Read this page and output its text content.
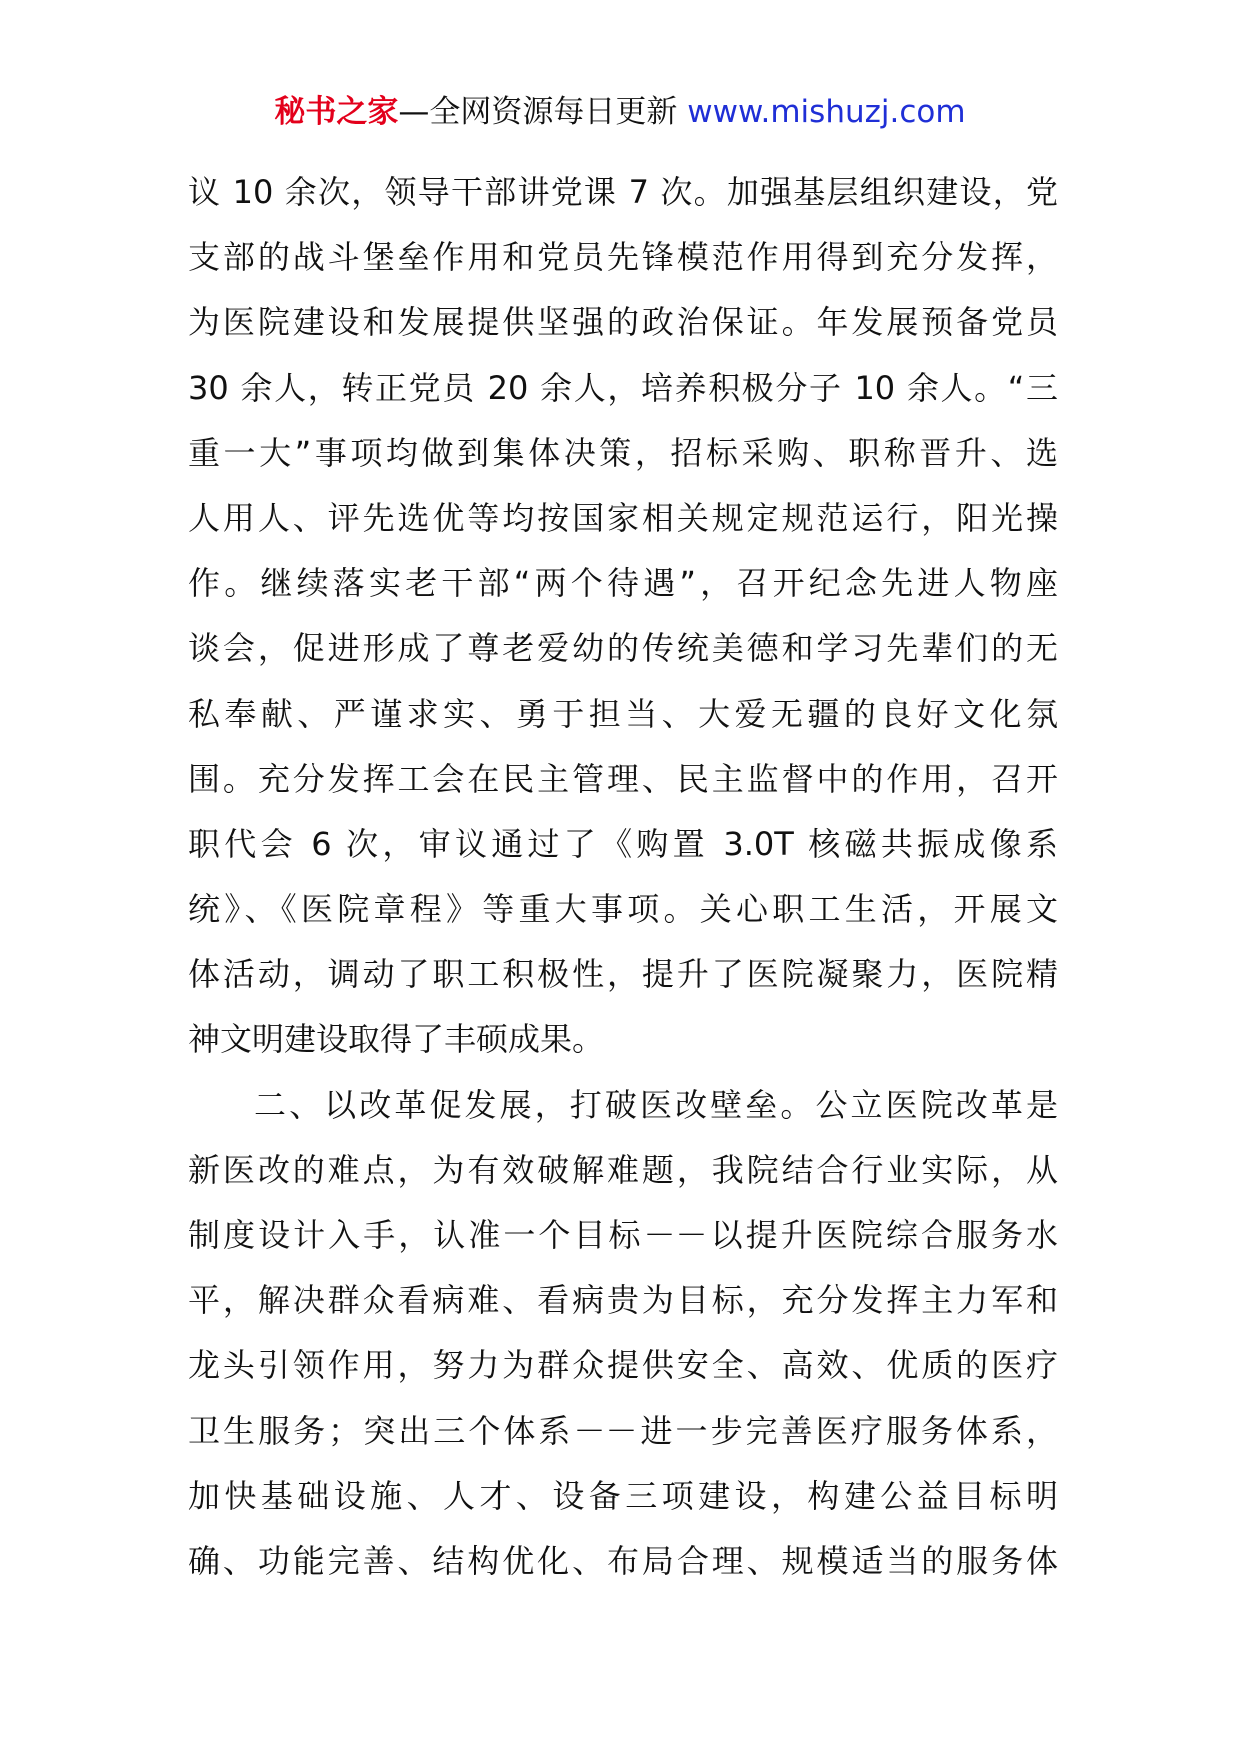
秘书之家—全网资源每日更新 www.mishuzj.com
议 10 余次，领导干部讲党课 7 次。加强基层组织建设，党
支部的战斗堡垒作用和党员先锋模范作用得到充分发挥，
为医院建设和发展提供坚强的政治保证。年发展预备党员
30 余人，转正党员 20 余人，培养积极分子 10 余人。“三
重一大”事项均做到集体决策，招标采购、职称晋升、选
人用人、评先选优等均按国家相关规定规范运行，阳光操
作。继续落实老干部“两个待遇”，召开纪念先进人物座
谈会，促进形成了尊老爱幼的传统美德和学习先辈们的无
私奉献、严谨求实、勇于担当、大爱无疆的良好文化氛
围。充分发挥工会在民主管理、民主监督中的作用，召开
职代会 6 次，审议通过了《购置 3.0T 核磁共振成像系
统》、《医院章程》等重大事项。关心职工生活，开展文
体活动，调动了职工积极性，提升了医院凝聚力，医院精
神文明建设取得了丰硕成果。
二、以改革促发展，打破医改壁垒。公立医院改革是
新医改的难点，为有效破解难题，我院结合行业实际，从
制度设计入手，认准一个目标－－以提升医院综合服务水
平，解决群众看病难、看病贵为目标，充分发挥主力军和
龙头引领作用，努力为群众提供安全、高效、优质的医疗
卫生服务；突出三个体系－－进一步完善医疗服务体系，
加快基础设施、人才、设备三项建设，构建公益目标明
确、功能完善、结构优化、布局合理、规模适当的服务体
